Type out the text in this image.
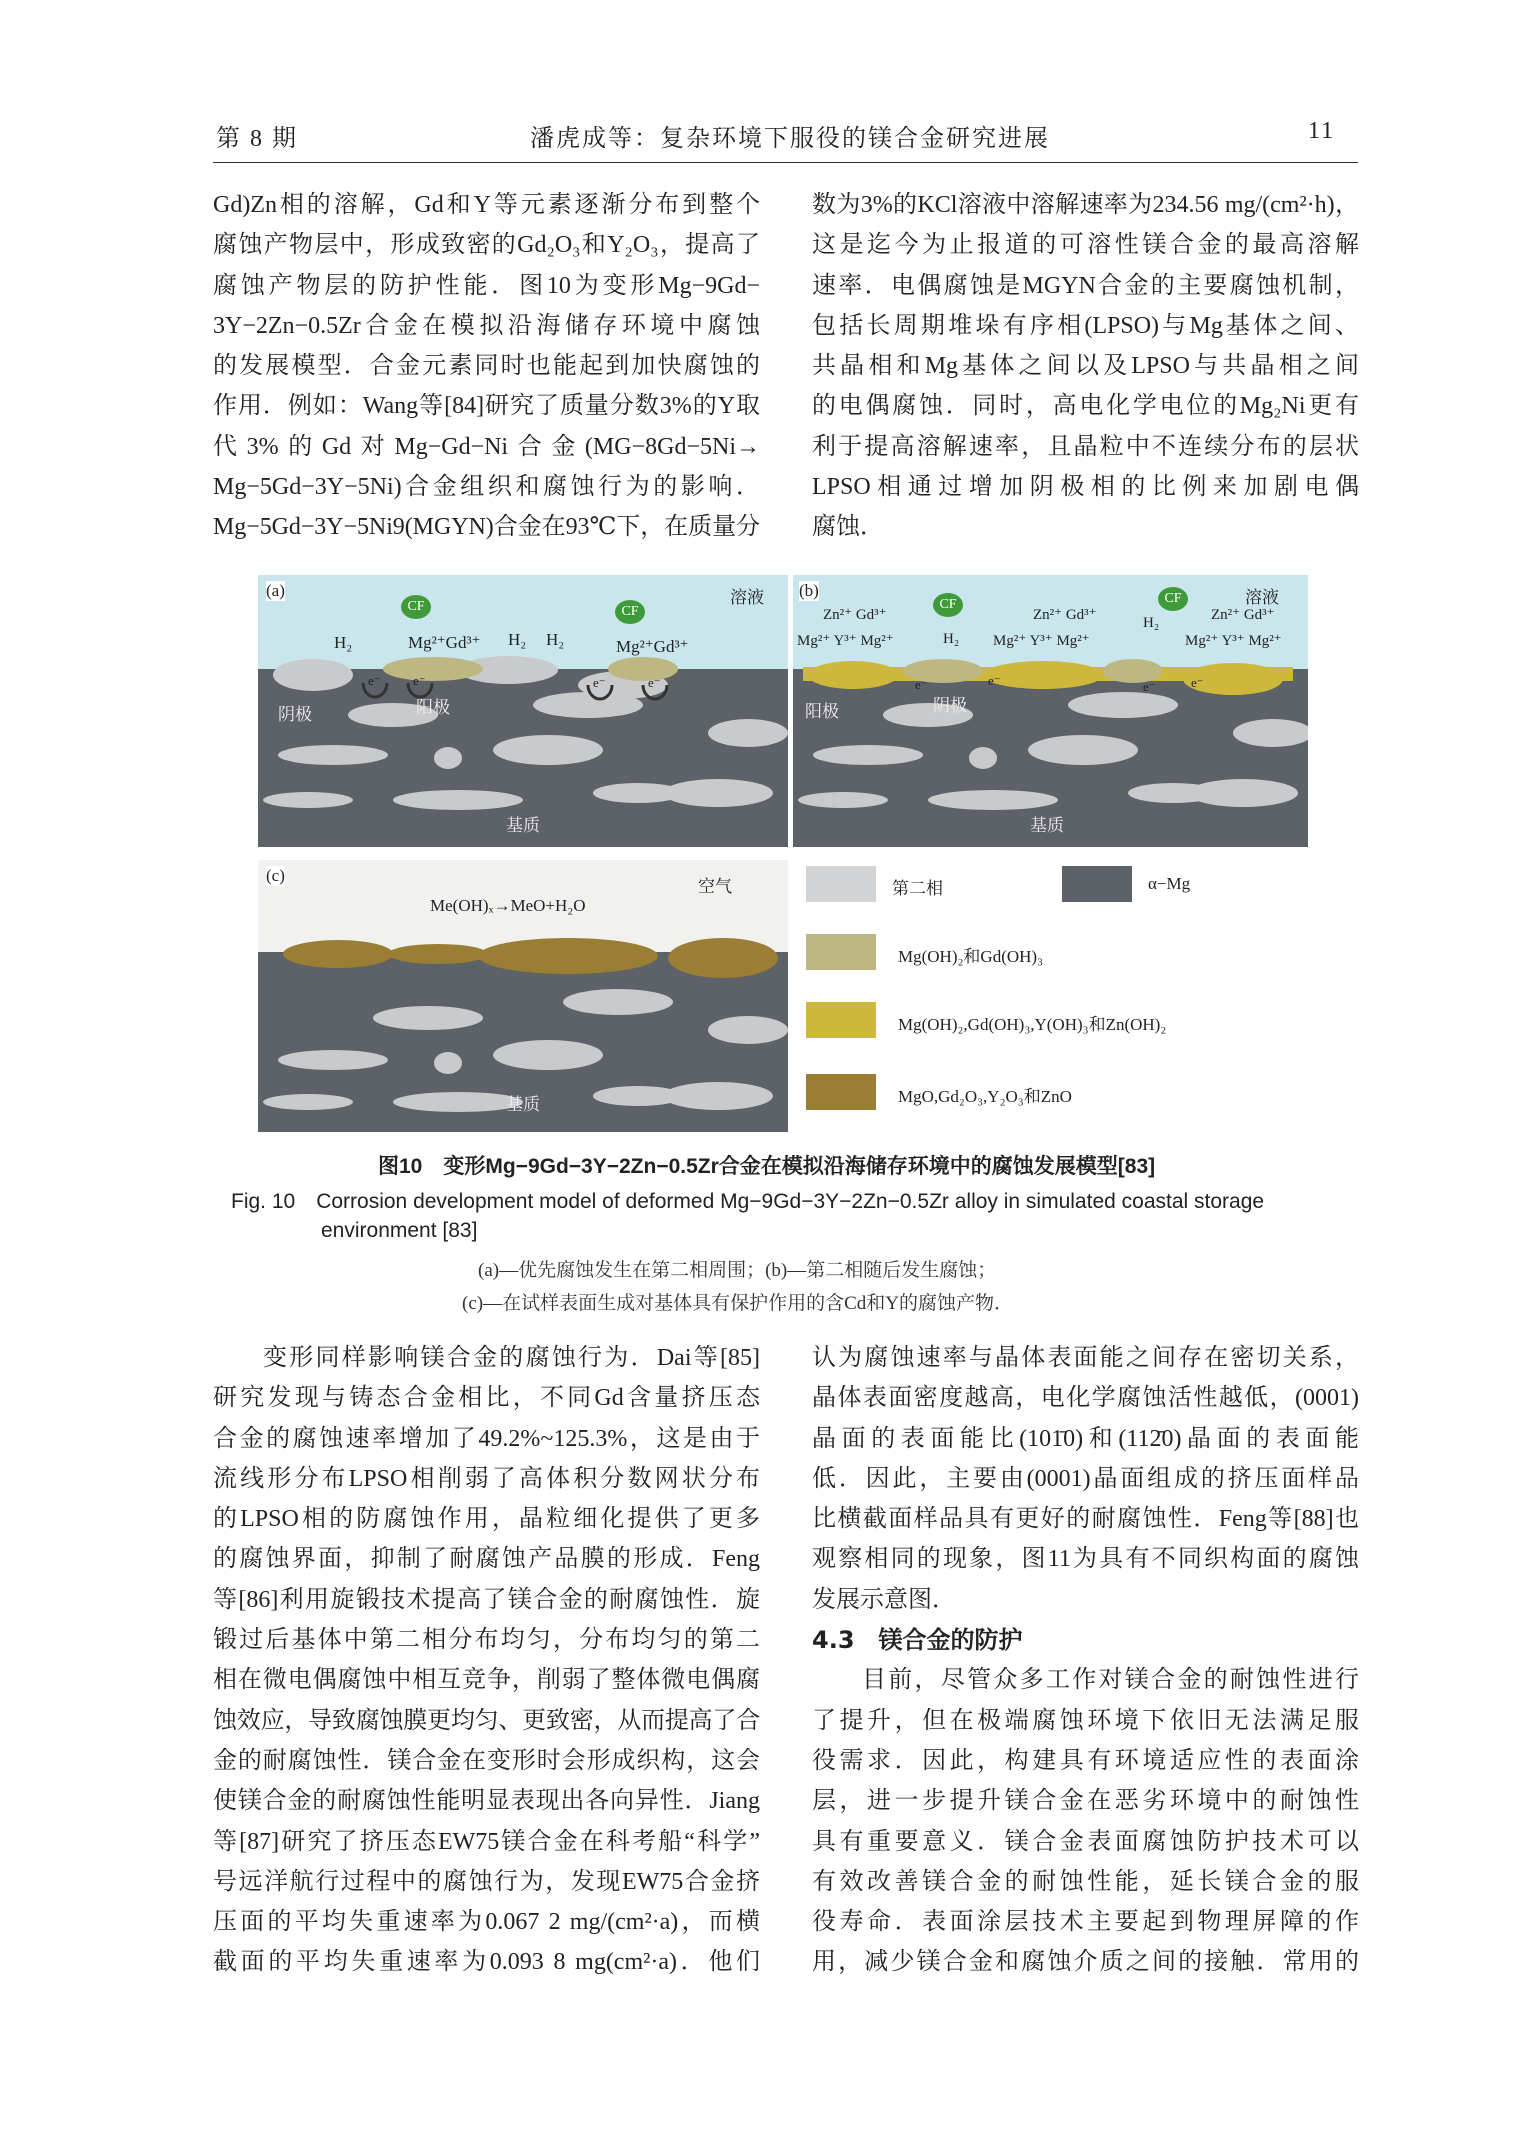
第 8 期	潘虎成等：复杂环境下服役的镁合金研究进展	11
Gd)Zn相的溶解，Gd和Y等元素逐渐分布到整个
腐蚀产物层中，形成致密的Gd₂O₃和Y₂O₃，提高了
腐蚀产物层的防护性能．图10为变形Mg−9Gd−
3Y−2Zn−0.5Zr合金在模拟沿海储存环境中腐蚀
的发展模型．合金元素同时也能起到加快腐蚀的
作用．例如：Wang等[84]研究了质量分数3%的Y取
代3%的Gd对Mg−Gd−Ni合金(MG−8Gd−5Ni→
Mg−5Gd−3Y−5Ni)合金组织和腐蚀行为的影响．
Mg−5Gd−3Y−5Ni9(MGYN)合金在93℃下，在质量分
数为3%的KCl溶液中溶解速率为234.56 mg/(cm²·h)，
这是迄今为止报道的可溶性镁合金的最高溶解
速率．电偶腐蚀是MGYN合金的主要腐蚀机制，
包括长周期堆垛有序相(LPSO)与Mg基体之间、
共晶相和Mg基体之间以及LPSO与共晶相之间
的电偶腐蚀．同时，高电化学电位的Mg₂Ni更有
利于提高溶解速率，且晶粒中不连续分布的层状
LPSO相通过增加阴极相的比例来加剧电偶
腐蚀．
(a)	溶液
CF	CF
H₂	H₂ H₂
Mg²⁺Gd³⁺	Mg²⁺Gd³⁺
e⁻ e⁻	e⁻	e⁻
阴极	阳极
基质
(b)	溶液
CF	CF
Zn²⁺ Gd³⁺	Zn²⁺ Gd³⁺	Zn²⁺ Gd³⁺
Mg²⁺ Y³⁺ Mg²⁺	Mg²⁺ Y³⁺ Mg²⁺	Mg²⁺ Y³⁺ Mg²⁺
H₂
H₂
e⁻	e⁻	e⁻	e⁻
阳极	阴极
基质
(c)
空气
Me(OH)ₓ→MeO+H₂O
基质
第二相	α−Mg
Mg(OH)₂和Gd(OH)₃
Mg(OH)₂,Gd(OH)₃,Y(OH)₃和Zn(OH)₂
MgO,Gd₂O₃,Y₂O₃和ZnO
图10　变形Mg−9Gd−3Y−2Zn−0.5Zr合金在模拟沿海储存环境中的腐蚀发展模型[83]
Fig. 10　Corrosion development model of deformed Mg−9Gd−3Y−2Zn−0.5Zr alloy in simulated coastal storage
environment [83]
(a)—优先腐蚀发生在第二相周围；(b)—第二相随后发生腐蚀；
(c)—在试样表面生成对基体具有保护作用的含Cd和Y的腐蚀产物．
变形同样影响镁合金的腐蚀行为．Dai等[85]
研究发现与铸态合金相比，不同Gd含量挤压态
合金的腐蚀速率增加了49.2%~125.3%，这是由于
流线形分布LPSO相削弱了高体积分数网状分布
的LPSO相的防腐蚀作用，晶粒细化提供了更多
的腐蚀界面，抑制了耐腐蚀产品膜的形成．Feng
等[86]利用旋锻技术提高了镁合金的耐腐蚀性．旋
锻过后基体中第二相分布均匀，分布均匀的第二
相在微电偶腐蚀中相互竞争，削弱了整体微电偶腐
蚀效应，导致腐蚀膜更均匀、更致密，从而提高了合
金的耐腐蚀性．镁合金在变形时会形成织构，这会
使镁合金的耐腐蚀性能明显表现出各向异性．Jiang
等[87]研究了挤压态EW75镁合金在科考船“科学”
号远洋航行过程中的腐蚀行为，发现EW75合金挤
压面的平均失重速率为0.067 2 mg/(cm²·a)，而横
截面的平均失重速率为0.093 8 mg(cm²·a)．他们
认为腐蚀速率与晶体表面能之间存在密切关系，
晶体表面密度越高，电化学腐蚀活性越低，(0001)
晶面的表面能比(101̄0)和(112̄0)晶面的表面能
低．因此，主要由(0001)晶面组成的挤压面样品
比横截面样品具有更好的耐腐蚀性．Feng等[88]也
观察相同的现象，图11为具有不同织构面的腐蚀
发展示意图．
4.3　镁合金的防护
目前，尽管众多工作对镁合金的耐蚀性进行
了提升，但在极端腐蚀环境下依旧无法满足服
役需求．因此，构建具有环境适应性的表面涂
层，进一步提升镁合金在恶劣环境中的耐蚀性
具有重要意义．镁合金表面腐蚀防护技术可以
有效改善镁合金的耐蚀性能，延长镁合金的服
役寿命．表面涂层技术主要起到物理屏障的作
用，减少镁合金和腐蚀介质之间的接触．常用的
